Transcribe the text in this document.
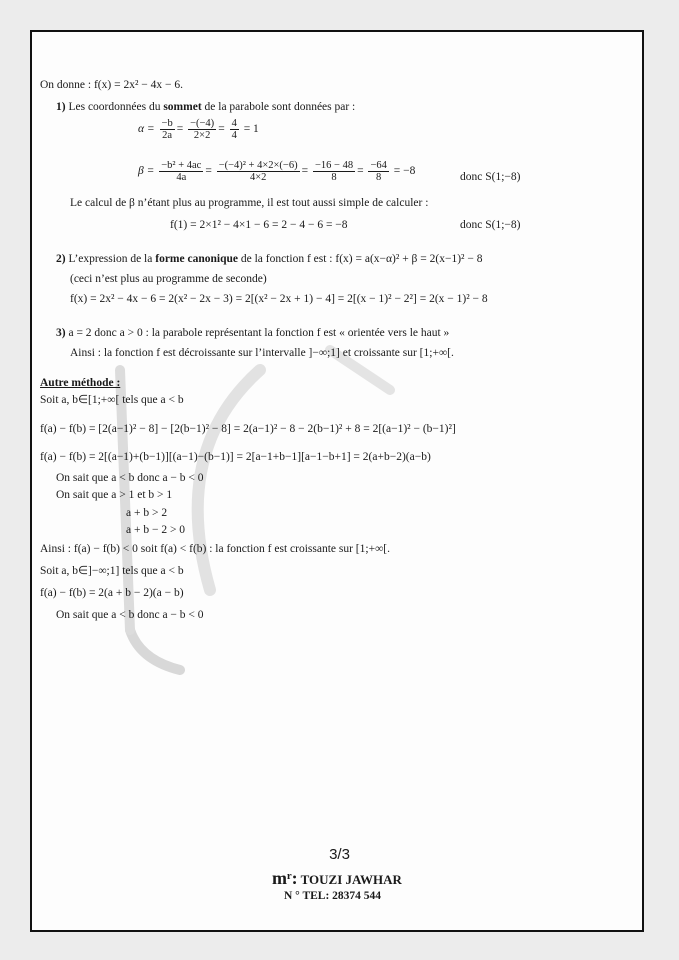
On donne : f(x) = 2x² − 4x − 6.
1) Les coordonnées du sommet de la parabole sont données par :
$\alpha = \frac{-b}{2a} = \frac{-(-4)}{2\times 2} = \frac{4}{4} = 1$
$\beta = \frac{\text{−b² + 4ac}}{4a} = \frac{\text{−(−4)² + 4×2×(−6)}}{4\times 2} = \frac{-16 - 48}{8} = \frac{-64}{8} = -8$	donc S(1;−8)
Le calcul de β n’étant plus au programme, il est tout aussi simple de calculer :
f(1) = 2×1² − 4×1 − 6 = 2 − 4 − 6 = −8	donc S(1;−8)
2) L’expression de la forme canonique de la fonction f est : f(x) = a(x−α)² + β = 2(x−1)² − 8
(ceci n’est plus au programme de seconde)
f(x) = 2x² − 4x − 6 = 2(x² − 2x − 3) = 2[(x² − 2x + 1) − 4] = 2[(x − 1)² − 2²] = 2(x − 1)² − 8
3) a = 2 donc a > 0 : la parabole représentant la fonction f est « orientée vers le haut »
Ainsi : la fonction f est décroissante sur l’intervalle ]−∞;1] et croissante sur [1;+∞[.
Autre méthode :
Soit a, b∈[1;+∞[ tels que a < b
f(a) − f(b) = [2(a−1)² − 8] − [2(b−1)² − 8] = 2(a−1)² − 8 − 2(b−1)² + 8 = 2[(a−1)² − (b−1)²]
f(a) − f(b) = 2[(a−1)+(b−1)][(a−1)−(b−1)] = 2[a−1+b−1][a−1−b+1] = 2(a+b−2)(a−b)
On sait que a < b donc a − b < 0
On sait que a > 1 et b > 1
a + b > 2
a + b − 2 > 0
Ainsi : f(a) − f(b) < 0 soit f(a) < f(b) : la fonction f est croissante sur [1;+∞[.
Soit a, b∈]−∞;1] tels que a < b
f(a) − f(b) = 2(a + b − 2)(a − b)
On sait que a < b donc a − b < 0
3/3
mʳ: TOUZI JAWHAR
N ° TEL: 28374 544
